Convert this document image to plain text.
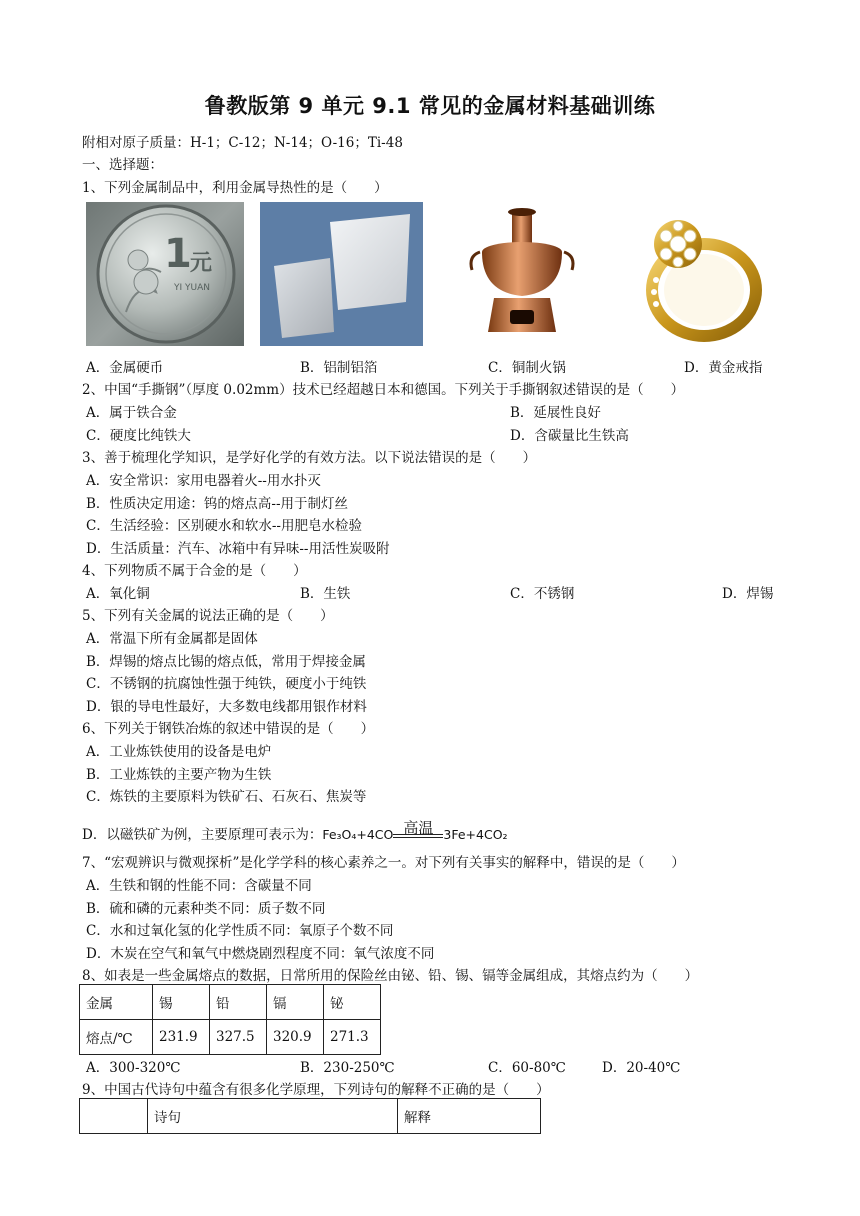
鲁教版第 9 单元 9.1 常见的金属材料基础训练
附相对原子质量：H-1；C-12；N-14；O-16；Ti-48
一、选择题：
1、下列金属制品中，利用金属导热性的是（　　）
1
元
YI YUAN
A．金属硬币	B．铝制铝箔	C．铜制火锅	D．黄金戒指
2、中国“手撕钢”（厚度 0.02mm）技术已经超越日本和德国。下列关于手撕钢叙述错误的是（　　）
A．属于铁合金	B．延展性良好
C．硬度比纯铁大	D．含碳量比生铁高
3、善于梳理化学知识，是学好化学的有效方法。以下说法错误的是（　　）
A．安全常识：家用电器着火--用水扑灭
B．性质决定用途：钨的熔点高--用于制灯丝
C．生活经验：区别硬水和软水--用肥皂水检验
D．生活质量：汽车、冰箱中有异味--用活性炭吸附
4、下列物质不属于合金的是（　　）
A．氧化铜	B．生铁	C．不锈钢	D．焊锡
5、下列有关金属的说法正确的是（　　）
A．常温下所有金属都是固体
B．焊锡的熔点比锡的熔点低，常用于焊接金属
C．不锈钢的抗腐蚀性强于纯铁，硬度小于纯铁
D．银的导电性最好，大多数电线都用银作材料
6、下列关于钢铁冶炼的叙述中错误的是（　　）
A．工业炼铁使用的设备是电炉
B．工业炼铁的主要产物为生铁
C．炼铁的主要原料为铁矿石、石灰石、焦炭等
D．以磁铁矿为例，主要原理可表示为：Fe₃O₄+4CO 高温 3Fe+4CO₂
7、“宏观辨识与微观探析”是化学学科的核心素养之一。对下列有关事实的解释中，错误的是（　　）
A．生铁和钢的性能不同：含碳量不同
B．硫和磷的元素种类不同：质子数不同
C．水和过氧化氢的化学性质不同：氧原子个数不同
D．木炭在空气和氧气中燃烧剧烈程度不同：氧气浓度不同
8、如表是一些金属熔点的数据，日常所用的保险丝由铋、铅、锡、镉等金属组成，其熔点约为（　　）
金属	锡	铅	镉	铋
熔点/℃	231.9	327.5	320.9	271.3
A．300-320℃	B．230-250℃	C．60-80℃	D．20-40℃
9、中国古代诗句中蕴含有很多化学原理，下列诗句的解释不正确的是（　　）
	诗句	解释
